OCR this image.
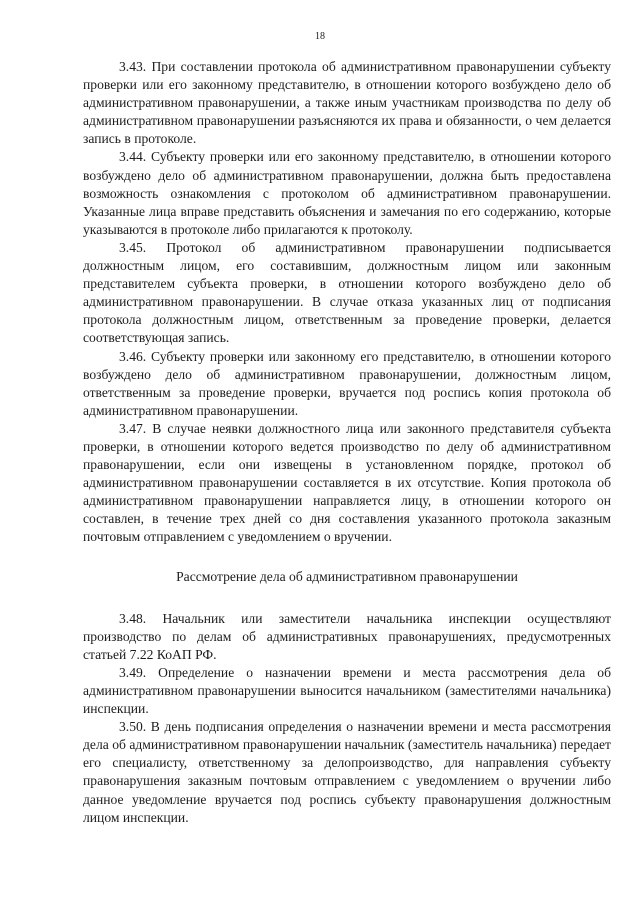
18

3.43. При составлении протокола об административном правонарушении субъекту проверки или его законному представителю, в отношении которого возбуждено дело об административном правонарушении, а также иным участникам производства по делу об административном правонарушении разъясняются их права и обязанности, о чем делается запись в протоколе.

3.44. Субъекту проверки или его законному представителю, в отношении которого возбуждено дело об административном правонарушении, должна быть предоставлена возможность ознакомления с протоколом об административном правонарушении. Указанные лица вправе представить объяснения и замечания по его содержанию, которые указываются в протоколе либо прилагаются к протоколу.

3.45. Протокол об административном правонарушении подписывается должностным лицом, его составившим, должностным лицом или законным представителем субъекта проверки, в отношении которого возбуждено дело об административном правонарушении. В случае отказа указанных лиц от подписания протокола должностным лицом, ответственным за проведение проверки, делается соответствующая запись.

3.46. Субъекту проверки или законному его представителю, в отношении которого возбуждено дело об административном правонарушении, должностным лицом, ответственным за проведение проверки, вручается под роспись копия протокола об административном правонарушении.

3.47. В случае неявки должностного лица или законного представителя субъекта проверки, в отношении которого ведется производство по делу об административном правонарушении, если они извещены в установленном порядке, протокол об административном правонарушении составляется в их отсутствие. Копия протокола об административном правонарушении направляется лицу, в отношении которого он составлен, в течение трех дней со дня составления указанного протокола заказным почтовым отправлением с уведомлением о вручении.

Рассмотрение дела об административном правонарушении

3.48. Начальник или заместители начальника инспекции осуществляют производство по делам об административных правонарушениях, предусмотренных статьей 7.22 КоАП РФ.

3.49. Определение о назначении времени и места рассмотрения дела об административном правонарушении выносится начальником (заместителями начальника) инспекции.

3.50. В день подписания определения о назначении времени и места рассмотрения дела об административном правонарушении начальник (заместитель начальника) передает его специалисту, ответственному за делопроизводство, для направления субъекту правонарушения заказным почтовым отправлением с уведомлением о вручении либо данное уведомление вручается под роспись субъекту правонарушения должностным лицом инспекции.
